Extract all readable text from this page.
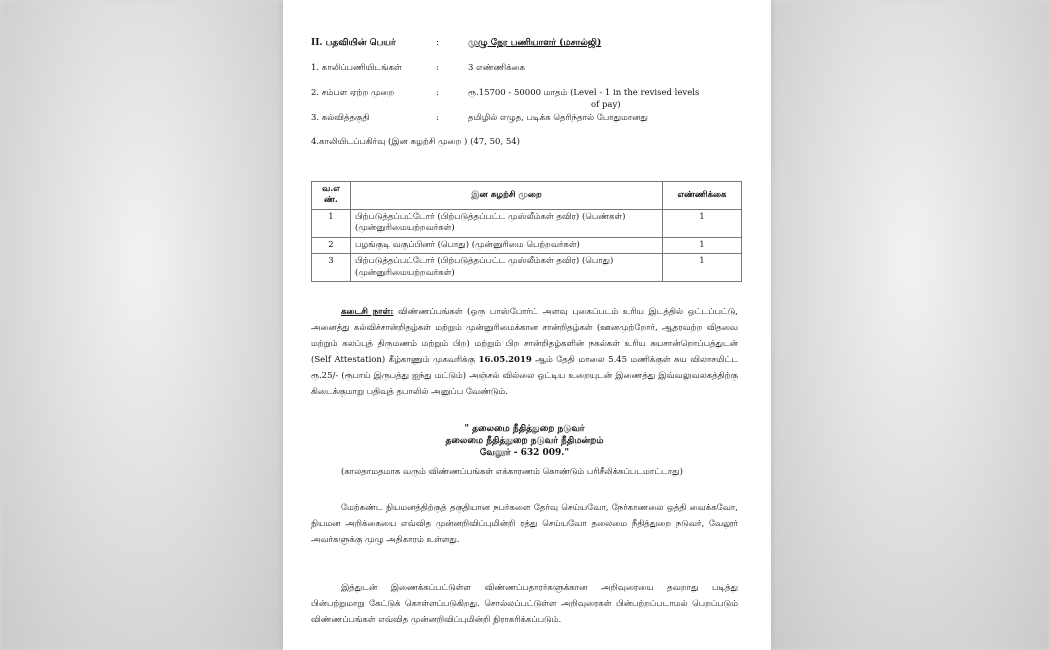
II. பதவியின் பெயர்	:	முழு நேர பணியாளர் (மசால்ஜி)
1. காலிப்பணியிடங்கள்	:	3 எண்ணிக்கை
2. சம்பள ஏற்ற முறை	:	ரூ.15700 - 50000 மாதம் (Level - 1 in the revised levels
of pay)
3. கல்வித்தகுதி	:	தமிழில் எழுத, படிக்க தெரிந்தால் போதுமானது
4.காலியிடப்பகிர்வு (இன சுழற்சி முறை ) (47, 50, 54)
வ.எ ண்.	இன சுழற்சி முறை	எண்ணிக்கை
1	பிற்படுத்தப்பட்டோர் (பிற்படுத்தப்பட்ட முஸ்லீம்கள் தவிர) (பெண்கள்) (முன்னுரிமையற்றவர்கள்)	1
2	பழங்குடி வகுப்பினர் (பொது) (முன்னுரிமை பெற்றவர்கள்)	1
3	பிற்படுத்தப்பட்டோர் (பிற்படுத்தப்பட்ட முஸ்லீம்கள் தவிர) (பொது) (முன்னுரிமையற்றவர்கள்)	1
கடைசி நாள்: விண்ணப்பங்கள் (ஒரு பாஸ்போர்ட் அளவு புகைப்படம் உரிய இடத்தில் ஒட்டப்பட்டு, அனைத்து கல்விச்சான்றிதழ்கள் மற்றும் முன்னுரிமைக்கான சான்றிதழ்கள் (ஊனமுற்றோர், ஆதரவற்ற விதவை மற்றும் கலப்புத் திருமணம் மற்றும் பிற) மற்றும் பிற சான்றிதழ்களின் நகல்கள் உரிய சுயசான்றொப்பத்துடன் (Self Attestation) கீழ்காணும் முகவரிக்கு 16.05.2019 ஆம் தேதி மாலை 5.45 மணிக்குள் சுய விலாசமிட்ட ரூ.25/- (ரூபாய் இருபத்து ஐந்து மட்டும்) அஞ்சல் வில்லை ஒட்டிய உறையுடன் இணைத்து இவ்வலுவலகத்திற்கு கிடைக்குமாறு பதிவுத் தபாலில் அனுப்ப வேண்டும்.
" தலைமை நீதித்துறை நடுவர்
தலைமை நீதித்துறை நடுவர் நீதிமன்றம்
வேலூர் - 632 009."
(காலதாமதமாக வரும் விண்ணப்பங்கள் எக்காரணம் கொண்டும் பரிசீலிக்கப்படமாட்டாது)
மேற்கண்ட நியமனத்திற்குத் தகுதியான நபர்களை தேர்வு செய்யவோ, நேர்காணலை ஒத்தி வைக்கவோ, நியமன அறிக்கையை எவ்வித முன்னறிவிப்புமின்றி ரத்து செய்யவோ தலைமை நீதித்துறை நடுவர், வேலூர் அவர்களுக்கு முழு அதிகாரம் உள்ளது.
இத்துடன் இணைக்கப்பட்டுள்ள விண்ணப்பதாரர்களுக்கான அறிவுரையை தவறாது படித்து பின்பற்றுமாறு கேட்டுக் கொள்ளப்படுகிறது. சொல்லப்பட்டுள்ள அறிவுரைகள் பின்பற்றப்படாமல் பெறப்படும் விண்ணப்பங்கள் எவ்வித முன்னறிவிப்புமின்றி நிராகரிக்கப்படும்.
